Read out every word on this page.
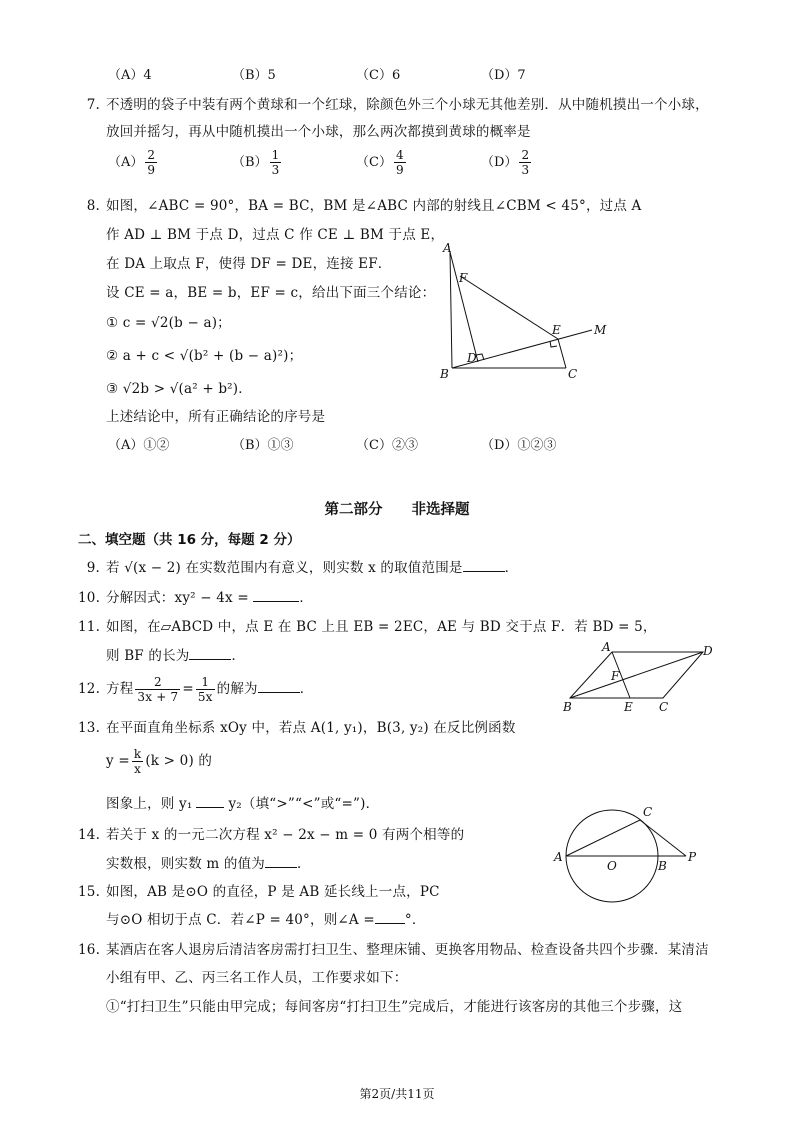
（A）4	（B）5	（C）6	（D）7
7. 不透明的袋子中装有两个黄球和一个红球，除颜色外三个小球无其他差别．从中随机摸出一个小球，
放回并摇匀，再从中随机摸出一个小球，那么两次都摸到黄球的概率是
$(A) \frac{2}{9}$	$(B) \frac{1}{3}$	$(C) \frac{4}{9}$	$(D) \frac{2}{3}$
8. 如图，∠ABC = 90°，BA = BC，BM 是∠ABC 内部的射线且∠CBM < 45°，过点 A
作 AD ⊥ BM 于点 D，过点 C 作 CE ⊥ BM 于点 E，
在 DA 上取点 F，使得 DF = DE，连接 EF．
设 CE = a，BE = b，EF = c，给出下面三个结论：
① c = √2(b − a)；
② a + c < √(b² + (b − a)²)；
③ √2b > √(a² + b²)．
上述结论中，所有正确结论的序号是
（A）①②	（B）①③	（C）②③	（D）①②③
A
F
E	M
D
B	C
第二部分　　非选择题
二、填空题（共 16 分，每题 2 分）
9. 若 √(x − 2) 在实数范围内有意义，则实数 x 的取值范围是	．
10. 分解因式：xy² − 4x =	．
11. 如图，在▱ABCD 中，点 E 在 BC 上且 EB = 2EC，AE 与 BD 交于点 F．若 BD = 5，
则 BF 的长为	．
A	D
F
B	E C
12. 方程 $\frac{2}{3x + 7} = \frac{1}{5x}$ 的解为	．
13. 在平面直角坐标系 xOy 中，若点 A(1, y₁)，B(3, y₂) 在反比例函数
$y = \frac{k}{x} (k > 0)$ 的
图象上，则 y₁	y₂（填“>”“<”或“=”)．
14. 若关于 x 的一元二次方程 x² − 2x − m = 0 有两个相等的
实数根，则实数 m 的值为 ．
15. 如图，AB 是⊙O 的直径，P 是 AB 延长线上一点，PC
与⊙O 相切于点 C．若∠P = 40°，则∠A = °．
A
O	B
P
C
16. 某酒店在客人退房后清洁客房需打扫卫生、整理床铺、更换客用物品、检查设备共四个步骤．某清洁
小组有甲、乙、丙三名工作人员，工作要求如下：
①“打扫卫生”只能由甲完成；每间客房“打扫卫生”完成后，才能进行该客房的其他三个步骤，这
第2页/共11页
